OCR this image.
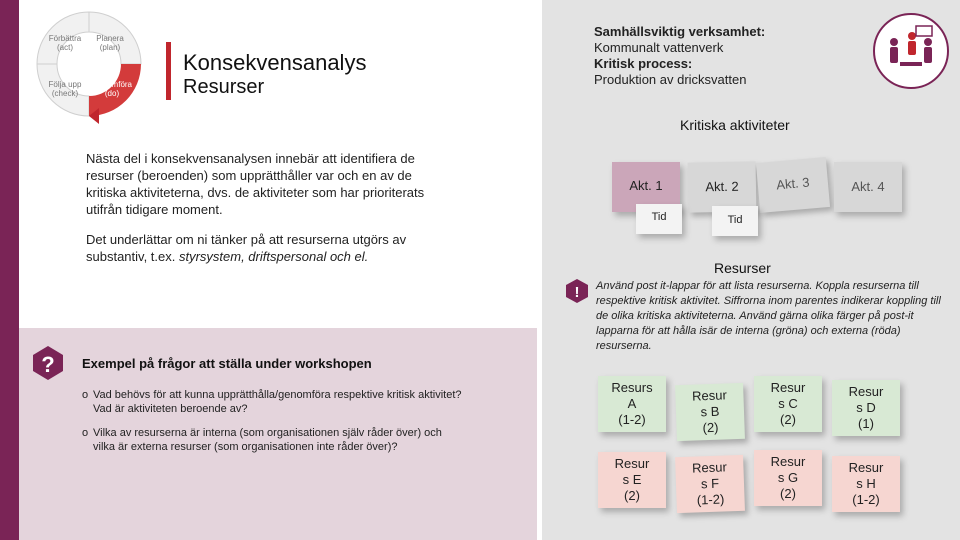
Förbättra (act)
Planera (plan)
Följa upp (check)
Genomföra (do)
Konsekvensanalys
Resurser
Samhällsviktig verksamhet:
Kommunalt vattenverk
Kritisk process:
Produktion av dricksvatten
Nästa del i konsekvensanalysen innebär att identifiera de resurser (beroenden) som upprätthåller var och en av de kritiska aktiviteterna, dvs. de aktiviteter som har prioriterats utifrån tidigare moment.
Det underlättar om ni tänker på att resurserna utgörs av substantiv, t.ex. styrsystem, driftspersonal och el.
? Exempel på frågor att ställa under workshopen
o Vad behövs för att kunna upprätthålla/genomföra respektive kritisk aktivitet? Vad är aktiviteten beroende av?
o Vilka av resurserna är interna (som organisationen själv råder över) och vilka är externa resurser (som organisationen inte råder över)?
Kritiska aktiviteter
Akt. 1	Akt. 2	Akt. 3	Akt. 4
Tid	Tid
Resurser
! Använd post it-lappar för att lista resurserna. Koppla resurserna till respektive kritisk aktivitet. Siffrorna inom parentes indikerar koppling till de olika kritiska aktiviteterna. Använd gärna olika färger på post-it lapparna för att hålla isär de interna (gröna) och externa (röda) resurserna.
Resurs
A
(1-2)
Resur
s B
(2)
Resur
s C
(2)
Resur
s D
(1)
Resur
s E
(2)
Resur
s F
(1-2)
Resur
s G
(2)
Resur
s H
(1-2)
